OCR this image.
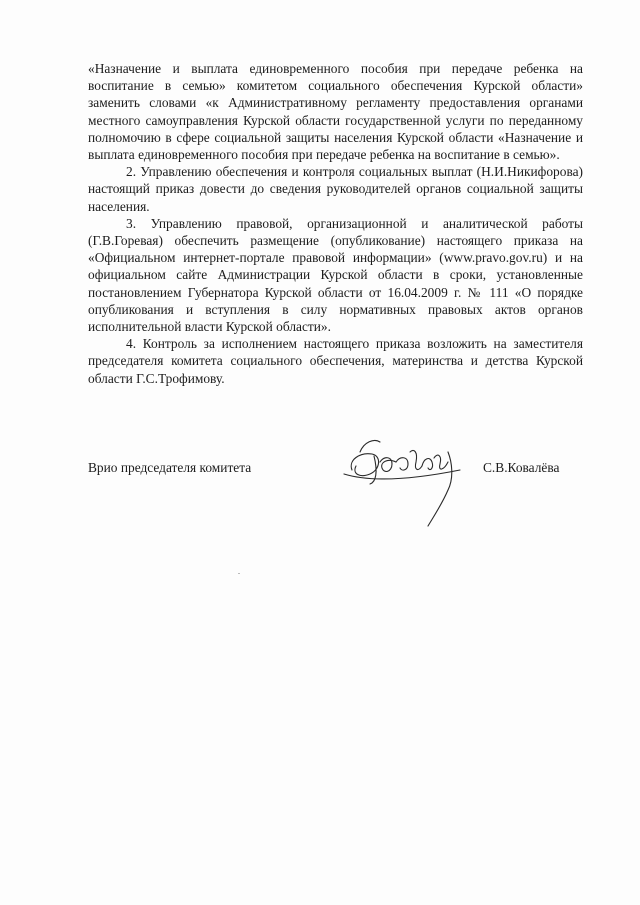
«Назначение и выплата единовременного пособия при передаче ребенка на воспитание в семью» комитетом социального обеспечения Курской области» заменить словами «к Административному регламенту предоставления органами местного самоуправления Курской области государственной услуги по переданному полномочию в сфере социальной защиты населения Курской области «Назначение и выплата единовременного пособия при передаче ребенка на воспитание в семью».

2. Управлению обеспечения и контроля социальных выплат (Н.И.Никифорова) настоящий приказ довести до сведения руководителей органов социальной защиты населения.

3. Управлению правовой, организационной и аналитической работы (Г.В.Горевая) обеспечить размещение (опубликование) настоящего приказа на «Официальном интернет-портале правовой информации» (www.pravo.gov.ru) и на официальном сайте Администрации Курской области в сроки, установленные постановлением Губернатора Курской области от 16.04.2009 г. № 111 «О порядке опубликования и вступления в силу нормативных правовых актов органов исполнительной власти Курской области».

4. Контроль за исполнением настоящего приказа возложить на заместителя председателя комитета социального обеспечения, материнства и детства Курской области Г.С.Трофимову.

Врио председателя комитета	С.В.Ковалёва
